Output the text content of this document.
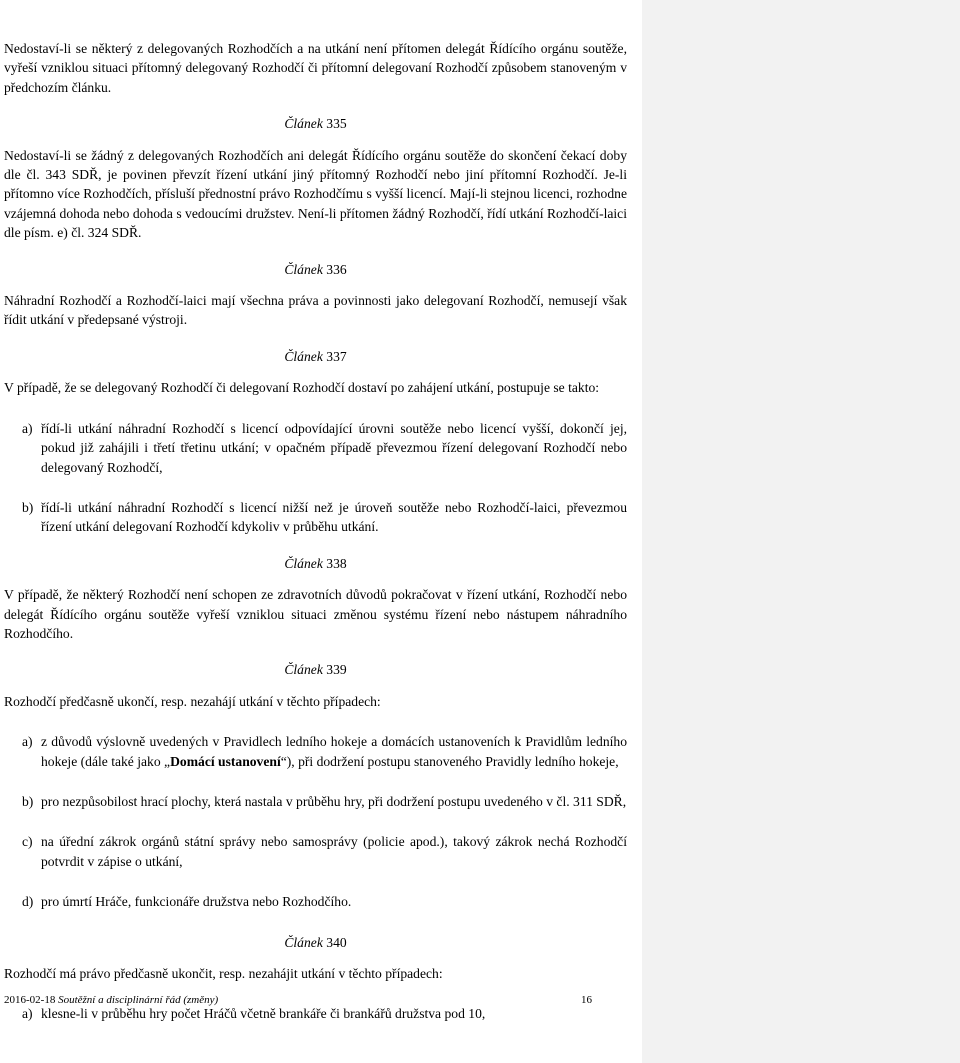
Nedostaví-li se některý z delegovaných Rozhodčích a na utkání není přítomen delegát Řídícího orgánu soutěže, vyřeší vzniklou situaci přítomný delegovaný Rozhodčí či přítomní delegovaní Rozhodčí způsobem stanoveným v předchozím článku.

Článek 335

Nedostaví-li se žádný z delegovaných Rozhodčích ani delegát Řídícího orgánu soutěže do skončení čekací doby dle čl. 343 SDŘ, je povinen převzít řízení utkání jiný přítomný Rozhodčí nebo jiní přítomní Rozhodčí. Je-li přítomno více Rozhodčích, přísluší přednostní právo Rozhodčímu s vyšší licencí. Mají-li stejnou licenci, rozhodne vzájemná dohoda nebo dohoda s vedoucími družstev. Není-li přítomen žádný Rozhodčí, řídí utkání Rozhodčí-laici dle písm. e) čl. 324 SDŘ.

Článek 336

Náhradní Rozhodčí a Rozhodčí-laici mají všechna práva a povinnosti jako delegovaní Rozhodčí, nemusejí však řídit utkání v předepsané výstroji.

Článek 337

V případě, že se delegovaný Rozhodčí či delegovaní Rozhodčí dostaví po zahájení utkání, postupuje se takto:

a) řídí-li utkání náhradní Rozhodčí s licencí odpovídající úrovni soutěže nebo licencí vyšší, dokončí jej, pokud již zahájili i třetí třetinu utkání; v opačném případě převezmou řízení delegovaní Rozhodčí nebo delegovaný Rozhodčí,
b) řídí-li utkání náhradní Rozhodčí s licencí nižší než je úroveň soutěže nebo Rozhodčí-laici, převezmou řízení utkání delegovaní Rozhodčí kdykoliv v průběhu utkání.

Článek 338

V případě, že některý Rozhodčí není schopen ze zdravotních důvodů pokračovat v řízení utkání, Rozhodčí nebo delegát Řídícího orgánu soutěže vyřeší vzniklou situaci změnou systému řízení nebo nástupem náhradního Rozhodčího.

Článek 339

Rozhodčí předčasně ukončí, resp. nezahájí utkání v těchto případech:

a) z důvodů výslovně uvedených v Pravidlech ledního hokeje a domácích ustanoveních k Pravidlům ledního hokeje (dále také jako „Domácí ustanovení“), při dodržení postupu stanoveného Pravidly ledního hokeje,
b) pro nezpůsobilost hrací plochy, která nastala v průběhu hry, při dodržení postupu uvedeného v čl. 311 SDŘ,
c) na úřední zákrok orgánů státní správy nebo samosprávy (policie apod.), takový zákrok nechá Rozhodčí potvrdit v zápise o utkání,
d) pro úmrtí Hráče, funkcionáře družstva nebo Rozhodčího.

Článek 340

Rozhodčí má právo předčasně ukončit, resp. nezahájit utkání v těchto případech:

a) klesne-li v průběhu hry počet Hráčů včetně brankáře či brankářů družstva pod 10,
2016-02-18 Soutěžní a disciplinární řád (změny)	16
